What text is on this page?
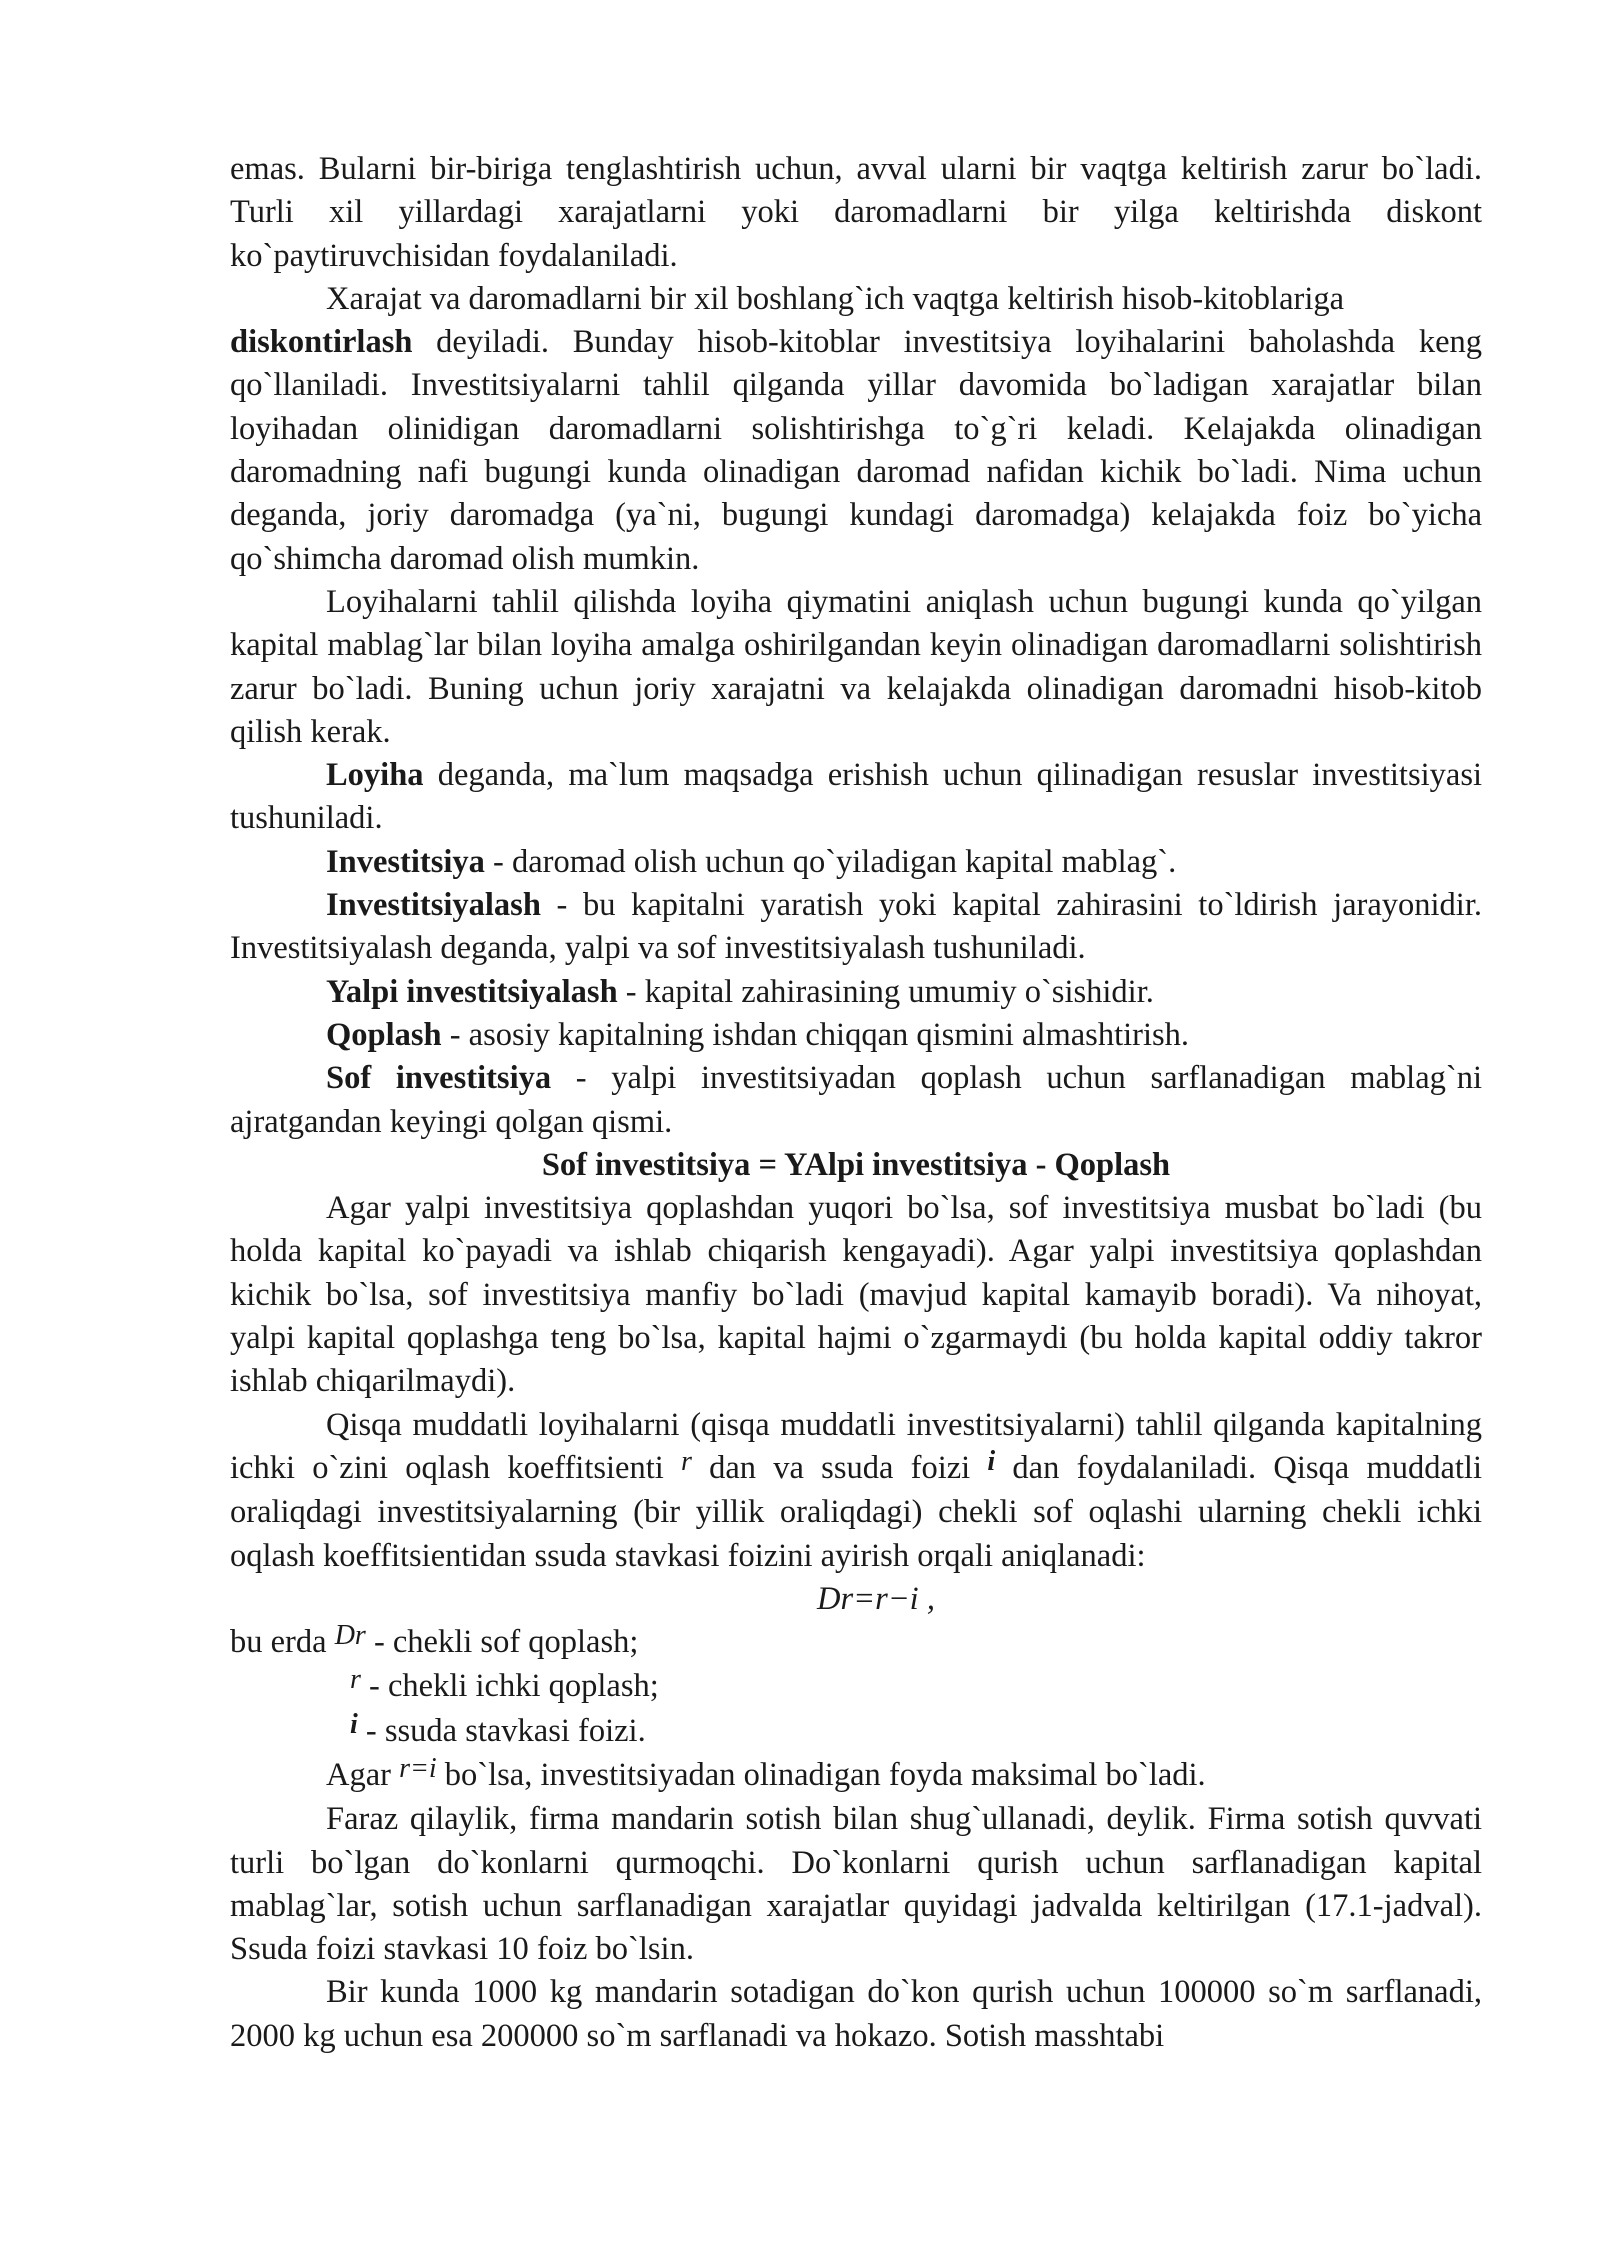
emas. Bularni bir-biriga tenglashtirish uchun, avval ularni bir vaqtga keltirish zarur bo`ladi. Turli xil yillardagi xarajatlarni yoki daromadlarni bir yilga keltirishda diskont ko`paytiruvchisidan foydalaniladi.

Xarajat va daromadlarni bir xil boshlang`ich vaqtga keltirish hisob-kitoblariga
diskontirlash deyiladi. Bunday hisob-kitoblar investitsiya loyihalarini baholashda keng qo`llaniladi. Investitsiyalarni tahlil qilganda yillar davomida bo`ladigan xarajatlar bilan loyihadan olinidigan daromadlarni solishtirishga to`g`ri keladi. Kelajakda olinadigan daromadning nafi bugungi kunda olinadigan daromad nafidan kichik bo`ladi. Nima uchun deganda, joriy daromadga (ya`ni, bugungi kundagi daromadga) kelajakda foiz bo`yicha qo`shimcha daromad olish mumkin.

Loyihalarni tahlil qilishda loyiha qiymatini aniqlash uchun bugungi kunda qo`yilgan kapital mablag`lar bilan loyiha amalga oshirilgandan keyin olinadigan daromadlarni solishtirish zarur bo`ladi. Buning uchun joriy xarajatni va kelajakda olinadigan daromadni hisob-kitob qilish kerak.

Loyiha deganda, ma`lum maqsadga erishish uchun qilinadigan resuslar investitsiyasi tushuniladi.

Investitsiya - daromad olish uchun qo`yiladigan kapital mablag`.

Investitsiyalash - bu kapitalni yaratish yoki kapital zahirasini to`ldirish jarayonidir. Investitsiyalash deganda, yalpi va sof investitsiyalash tushuniladi.

Yalpi investitsiyalash - kapital zahirasining umumiy o`sishidir.

Qoplash - asosiy kapitalning ishdan chiqqan qismini almashtirish.

Sof investitsiya - yalpi investitsiyadan qoplash uchun sarflanadigan mablag`ni ajratgandan keyingi qolgan qismi.

Sof investitsiya = YAlpi investitsiya - Qoplash

Agar yalpi investitsiya qoplashdan yuqori bo`lsa, sof investitsiya musbat bo`ladi (bu holda kapital ko`payadi va ishlab chiqarish kengayadi). Agar yalpi investitsiya qoplashdan kichik bo`lsa, sof investitsiya manfiy bo`ladi (mavjud kapital kamayib boradi). Va nihoyat, yalpi kapital qoplashga teng bo`lsa, kapital hajmi o`zgarmaydi (bu holda kapital oddiy takror ishlab chiqarilmaydi).

Qisqa muddatli loyihalarni (qisqa muddatli investitsiyalarni) tahlil qilganda kapitalning ichki o`zini oqlash koeffitsienti r dan va ssuda foizi i dan foydalaniladi. Qisqa muddatli oraliqdagi investitsiyalarning (bir yillik oraliqdagi) chekli sof oqlashi ularning chekli ichki oqlash koeffitsientidan ssuda stavkasi foizini ayirish orqali aniqlanadi:

Dr=r−i ,

bu erda Dr - chekli sof qoplash;

r - chekli ichki qoplash;

i - ssuda stavkasi foizi.

Agar r=i bo`lsa, investitsiyadan olinadigan foyda maksimal bo`ladi.

Faraz qilaylik, firma mandarin sotish bilan shug`ullanadi, deylik. Firma sotish quvvati turli bo`lgan do`konlarni qurmoqchi. Do`konlarni qurish uchun sarflanadigan kapital mablag`lar, sotish uchun sarflanadigan xarajatlar quyidagi jadvalda keltirilgan (17.1-jadval). Ssuda foizi stavkasi 10 foiz bo`lsin.

Bir kunda 1000 kg mandarin sotadigan do`kon qurish uchun 100000 so`m sarflanadi, 2000 kg uchun esa 200000 so`m sarflanadi va hokazo. Sotish masshtabi
